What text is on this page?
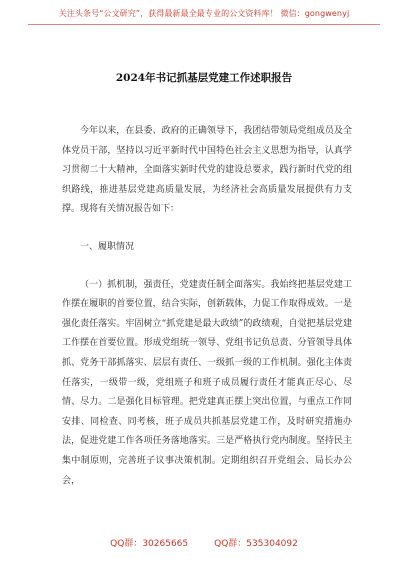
关注头条号“公文研究”，获得最新最全最专业的公文资料库！ 微信：gongwenyj
2024年书记抓基层党建工作述职报告

今年以来，在县委、政府的正确领导下，我团结带领局党组成员及全体党员干部，坚持以习近平新时代中国特色社会主义思想为指导，认真学习贯彻二十大精神，全面落实新时代党的建设总要求，践行新时代党的组织路线，推进基层党建高质量发展，为经济社会高质量发展提供有力支撑。现将有关情况报告如下：

一、履职情况

（一）抓机制，强责任，党建责任制全面落实。我始终把基层党建工作摆在履职的首要位置，结合实际，创新载体，力促工作取得成效。一是强化责任落实。牢固树立“抓党建是最大政绩”的政绩观，自觉把基层党建工作摆在首要位置。形成党组统一领导、党组书记负总责、分管领导具体抓、党务干部抓落实、层层有责任、一级抓一级的工作机制。强化主体责任落实，一级带一级，党组班子和班子成员履行责任才能真正尽心、尽情、尽力。二是强化目标管理。把党建真正摆上突出位置，与重点工作同安排、同检查、同考核，班子成员共抓基层党建工作，及时研究措施办法，促进党建工作各项任务落地落实。三是严格执行党内制度。坚持民主集中制原则，完善班子议事决策机制。定期组织召开党组会、局长办公会，

QQ群：30265665	QQ群：535304092
